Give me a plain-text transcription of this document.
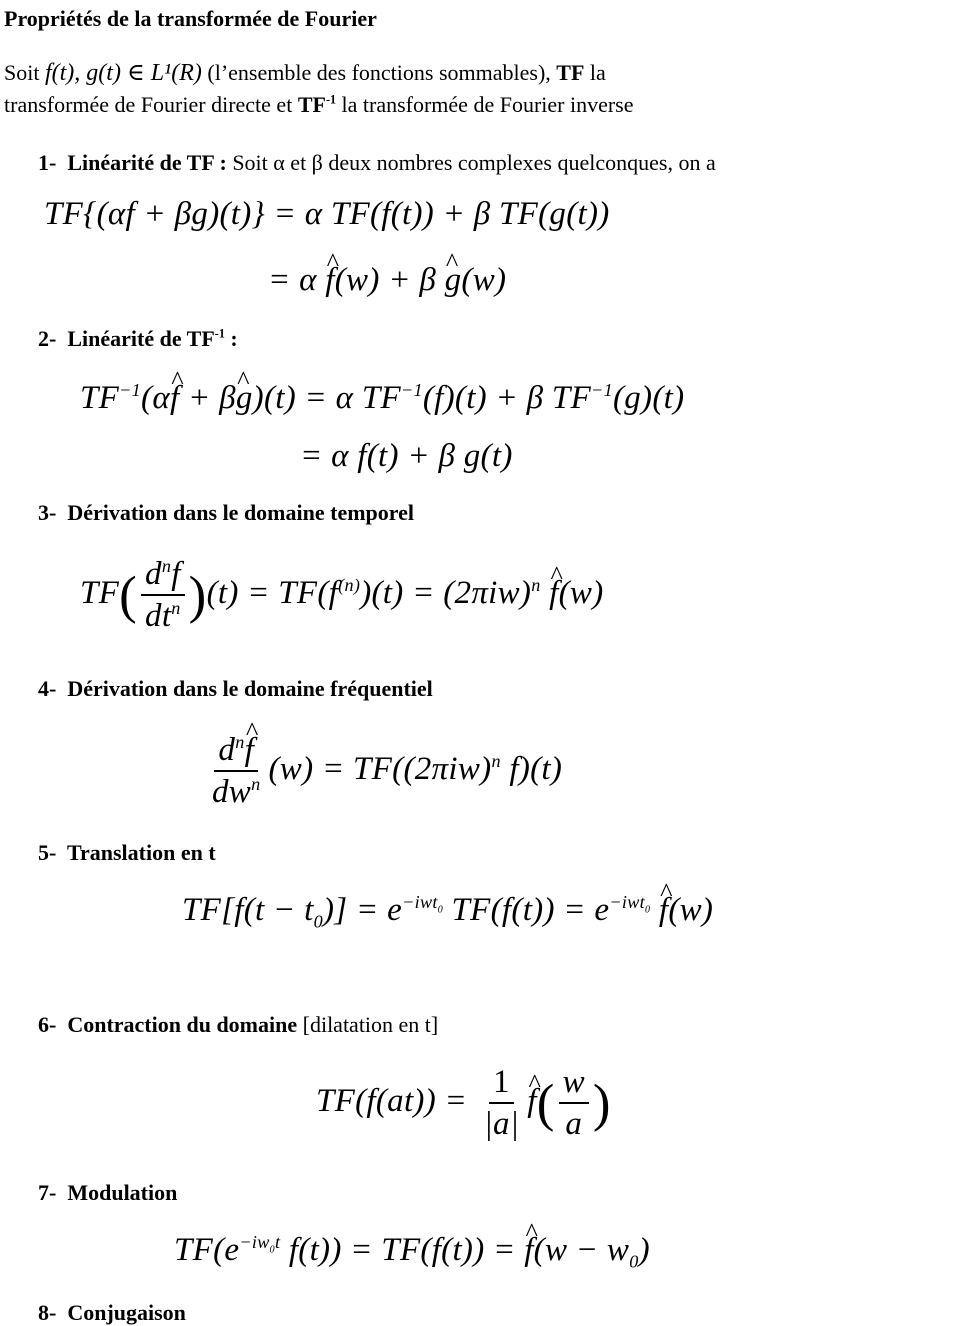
Propriétés de la transformée de Fourier
Soit f(t), g(t) ∈ L¹(R) (l’ensemble des fonctions sommables), TF la
transformée de Fourier directe et $TF^{-1}$ la transformée de Fourier inverse
1- Linéarité de TF : Soit α et β deux nombres complexes quelconques, on a
TF{(αf + βg)(t)} = α TF(f(t)) + β TF(g(t))
= α ^ f(w) + β ^ g(w)
2- Linéarité de $TF^{-1}$ :
$TF^{-1}(\alpha\^{}$ f + β^ g)(t) = α $TF^{-1}(f)(t) + \beta$ $TF^{-1}(g)(t)$
= α f(t) + β g(t)
3- Dérivation dans le domaine temporel
$TF( \frac{d^nf}{dt^n} )(t) = TF(f^{(n)})(t) = (2\pi iw)^n$ ^ f(w)
4- Dérivation dans le domaine fréquentiel
$\frac{d^n\^{} f}{dw^n} (w) = TF((2\pi iw)^n$ f)(t)
5- Translation en t
$TF[f(t - t_0)] = e^{-iwt_0}$ $TF(f(t)) = e^{-iwt_0}$ ^ f(w)
6- Contraction du domaine [dilatation en t]
$TF(f(at)) = \frac{1}{|a|}$ ^ $f( \frac{w}{a}$ )
7- Modulation
$TF(e^{-iw_0t}$ f(t)) = TF(f(t)) = ^ $f(w - w_0)$
8- Conjugaison
